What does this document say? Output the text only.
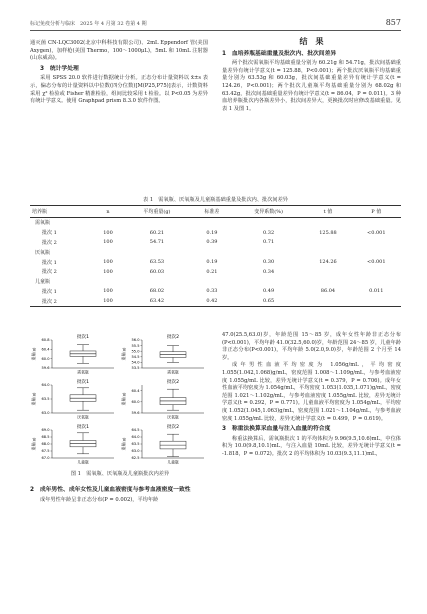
标记免疫分析与临床　2025 年 4 月第 32 卷第 4 期	857

通灭菌 CN-LQC3002(北京中科科技有限公司)、2mL Eppendorf 管(美国 Axygen)，加样枪(美国 Thermo，100～1000μL)，5mL 和 10mL 注射器(山东威高)。

3　统计学处理

采用 SPSS 20.0 软件进行数据统计分析。正态分布计量资料以 x̄±s 表示，偏态分布的计量资料以中位数(四分位数)[M(P25,P75)]表示，计数资料采用 χ² 检验或 Fisher 精准检验，组间比较采用 t 检验。以 P<0.05 为差异有统计学意义。使用 Graphpad prism 8.3.0 软件作图。

结　果
1　血培养瓶基础重量及批次内、批次间差异

两个批次需氧瓶平均基础重量分别为 60.21g 和 54.71g，批次间基础重量差异有统计学意义(t = 125.88，P<0.001)；两个批次厌氧瓶平均基础重量分别为 63.53g 和 60.03g，批次间基础重量差异有统计学意义(t = 124.26，P<0.001)；两个批次儿童瓶平均基础重量分别为 68.02g 和 63.42g，批次间基础重量差异有统计学意义(t = 86.04，P = 0.011)。3 种血培养瓶批次内各瓶差异小，批次间差异大，更换批次时应修改基础重量。见表 1 及图 1。

表 1　需氧瓶、厌氧瓶及儿童瓶基础重量及批次内、批次间差异
培养瓶	n	平均重量(g)	标准差	变异系数(%)	t 值	P 值
需氧瓶						
批次 1	100	60.21	0.19	0.32	125.88	<0.001
批次 2	100	54.71	0.39	0.71		
厌氧瓶						
批次 1	100	63.53	0.19	0.30	124.26	<0.001
批次 2	100	60.03	0.21	0.34		
儿童瓶						
批次 1	100	68.02	0.33	0.49	86.04	0.011
批次 2	100	63.42	0.42	0.65		
批次1
重量(g)
59.6
60.0
60.4
60.8
需氧瓶
批次2
重量(g)
53.5
54.0
54.5
55.0
55.5
56.0
需氧瓶
批次1
重量(g)
63.0
63.5
64.0
厌氧瓶
批次2
重量(g)
59.6
60.0
60.4
厌氧瓶
批次1
重量(g)
67.0
67.5
68.0
68.5
69.0
儿童瓶
批次2
重量(g)
62.5
63.0
63.5
64.0
64.5
儿童瓶
图 1　需氧瓶、厌氧瓶及儿童瓶批次内差异
2　成年男性、成年女性及儿童血液密度与参考血液密度一致性

成年男性年龄呈非正态分布(P = 0.002)，平均年龄

47.0(25.5,63.0)岁，年龄范围 15～85 岁，成年女性年龄非正态分布(P<0.001)，平均年龄 41.0(32.5,60.0)岁，年龄范围 24～85 岁，儿童年龄非正态分布(P<0.001)，平均年龄 5.0(2.0,9.0)岁，年龄范围 2 个月至 14 岁。

成年男性血液平均密度为 1.056g/mL，平均密度 1.055(1.042,1.068)g/mL，密度范围 1.008～1.109g/mL，与参考血液密度 1.055g/mL 比较，差异无统计学意义(t = 0.379，P = 0.706)。成年女性血液平均密度为 1.054g/mL，平均密度 1.053(1.035,1.071)g/mL，密度范围 1.021～1.102g/mL，与参考血液密度 1.055g/mL 比较，差异无统计学意义(t = 0.292，P = 0.771)。儿童血液平均密度为 1.054g/mL，平均密度 1.052(1.045,1.063)g/mL，密度范围 1.021～1.104g/mL，与参考血液密度 1.055g/mL 比较，差异无统计学意义(t = 0.499，P = 0.619)。

3　称重法换算采血量与注入血量的符合度

称重法换算后，需氧瓶批次 1 的平均体积为 9.96(9.5,10.6)mL，中位体积为 10.0(9.8,10.1)mL，与注入血量 10mL 比较，差异无统计学意义(t = -1.818，P = 0.072)。批次 2 的平均体积为 10.03(9.3,11.1)mL，
